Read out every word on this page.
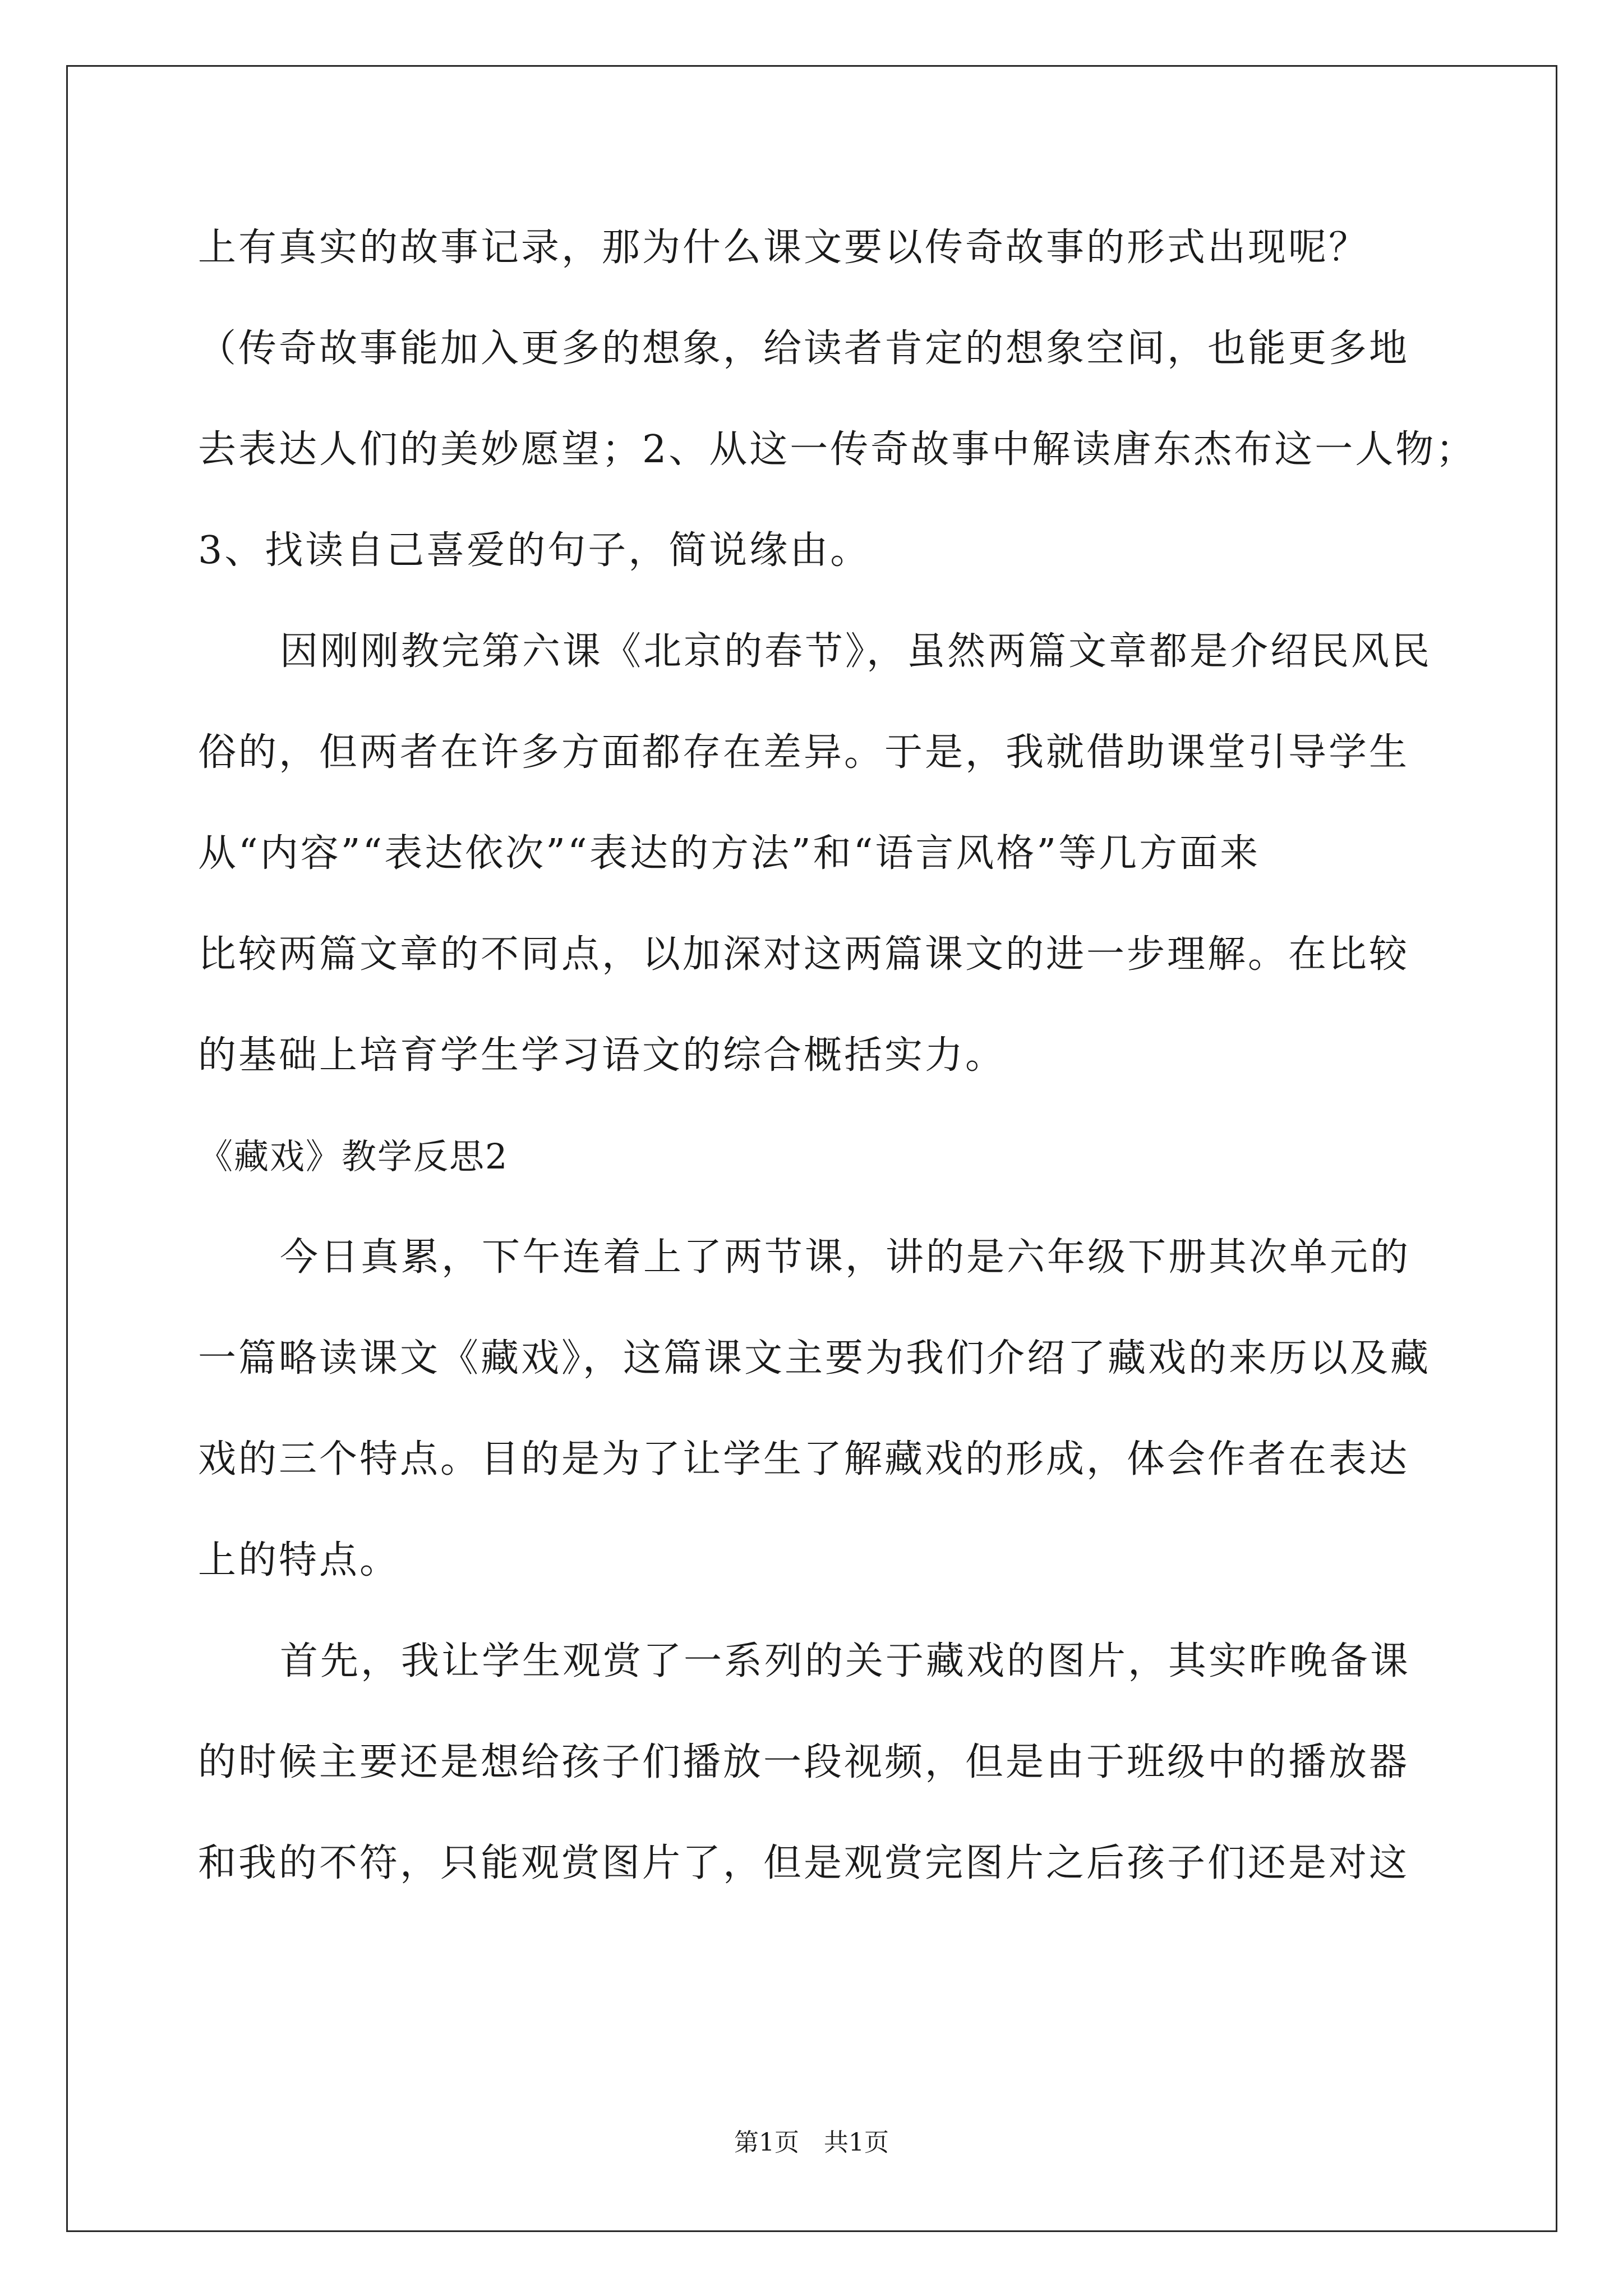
上有真实的故事记录，那为什么课文要以传奇故事的形式出现呢？
（传奇故事能加入更多的想象，给读者肯定的想象空间，也能更多地
去表达人们的美妙愿望；2、从这一传奇故事中解读唐东杰布这一人物；
3、找读自己喜爱的句子，简说缘由。
因刚刚教完第六课《北京的春节》，虽然两篇文章都是介绍民风民
俗的，但两者在许多方面都存在差异。于是，我就借助课堂引导学生
从“内容”“表达依次”“表达的方法”和“语言风格”等几方面来
比较两篇文章的不同点，以加深对这两篇课文的进一步理解。在比较
的基础上培育学生学习语文的综合概括实力。
《藏戏》教学反思2
今日真累，下午连着上了两节课，讲的是六年级下册其次单元的
一篇略读课文《藏戏》，这篇课文主要为我们介绍了藏戏的来历以及藏
戏的三个特点。目的是为了让学生了解藏戏的形成，体会作者在表达
上的特点。
首先，我让学生观赏了一系列的关于藏戏的图片，其实昨晚备课
的时候主要还是想给孩子们播放一段视频，但是由于班级中的播放器
和我的不符，只能观赏图片了，但是观赏完图片之后孩子们还是对这
第1页　共1页
